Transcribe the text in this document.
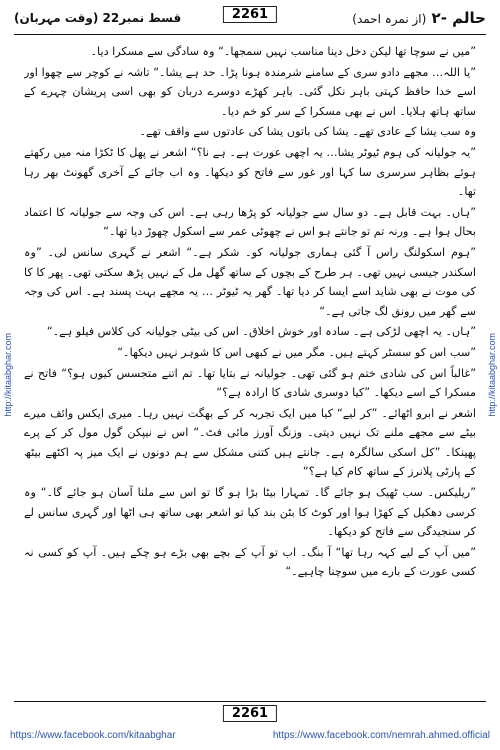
قسط نمبر22 (وقت مہربان)	حالم -۲ (از نمرہ احمد)
2261
http://kitaabghar.com	http://kitaabghar.com

”میں نے سوچا تھا لیکن دخل دینا مناسب نہیں سمجھا۔“ وہ سادگی سے مسکرا دیا۔

”یا اللہ… مجھے دادو سری کے سامنے شرمندہ ہونا پڑا۔ حد ہے یشا۔“ تاشہ نے کوچر سے چھوا اور اسے خدا حافظ کہتی باہر نکل گئی۔ باہر کھڑے دوسرے دربان کو بھی اسی پریشان چہرے کے ساتھ ہاتھ ہلایا۔ اس نے بھی مسکرا کے سر کو خم دیا۔

وہ سب یشا کے عادی تھے۔ یشا کی باتوں یشا کی عادتوں سے واقف تھے۔

”یہ جولیانہ کی ہوم ٹیوٹر یشا… یہ اچھی عورت ہے۔ ہے نا؟“ اشعر نے پھل کا ٹکڑا منہ میں رکھتے ہوئے بظاہر سرسری سا کہا اور غور سے فاتح کو دیکھا۔ وہ اب جائے کے آخری گھونٹ بھر رہا تھا۔

”ہاں۔ بہت قابل ہے۔ دو سال سے جولیانہ کو پڑھا رہی ہے۔ اس کی وجہ سے جولیانہ کا اعتماد بحال ہوا ہے۔ ورنہ تم تو جانتے ہو اس نے چھوٹی عمر سے اسکول چھوڑ دیا تھا۔“

”ہوم اسکولنگ راس آ گئی ہماری جولیانہ کو۔ شکر ہے۔“ اشعر نے گہری سانس لی۔ ”وہ اسکندر جیسی نہیں تھی۔ ہر طرح کے بچوں کے ساتھ گھل مل کے نہیں پڑھ سکتی تھی۔ پھر کا کا کی موت نے بھی شاید اسے ایسا کر دیا تھا۔ گھر یہ ٹیوٹر … یہ مجھے بہت پسند ہے۔ اس کی وجہ سے گھر میں رونق لگ جاتی ہے۔“

”ہاں۔ یہ اچھی لڑکی ہے۔ سادہ اور خوش اخلاق۔ اس کی بیٹی جولیانہ کی کلاس فیلو ہے۔“

”سب اس کو سسٹر کہتے ہیں۔ مگر میں نے کبھی اس کا شوہر نہیں دیکھا۔“

”غالباً اس کی شادی ختم ہو گئی تھی۔ جولیانہ نے بتایا تھا۔ تم اتنے متجسس کیوں ہو؟“ فاتح نے مسکرا کے اسے دیکھا۔ ”کیا دوسری شادی کا ارادہ ہے؟“

اشعر نے ابرو اٹھائے۔ ”کر لیے“ کیا میں ایک تجربہ کر کے بھگت نہیں رہا۔ میری ایکس وائف میرے بیٹے سے مجھے ملنے تک نہیں دیتی۔ وزنگ آورز مائی فٹ۔“ اس نے نیپکن گول مول کر کے پرے پھینکا۔ ”کل اسکی سالگرہ ہے۔ جانتے ہیں کتنی مشکل سے ہم دونوں نے ایک میز پہ اکٹھے بیٹھ کے پارٹی پلانرز کے ساتھ کام کیا ہے؟“

”ریلیکس۔ سب ٹھیک ہو جائے گا۔ تمہارا بیٹا بڑا ہو گا تو اس سے ملنا آسان ہو جائے گا۔“ وہ کرسی دھکیل کے کھڑا ہوا اور کوٹ کا بٹن بند کیا تو اشعر بھی ساتھ ہی اٹھا اور گہری سانس لے کر سنجیدگی سے فاتح کو دیکھا۔

”میں آپ کے لیے کہہ رہا تھا“ آ بنگ۔ اب تو آپ کے بچے بھی بڑے ہو چکے ہیں۔ آپ کو کسی نہ کسی عورت کے بارے میں سوچنا چاہیے۔“

2261
https://www.facebook.com/kitaabghar	https://www.facebook.com/nemrah.ahmed.official
